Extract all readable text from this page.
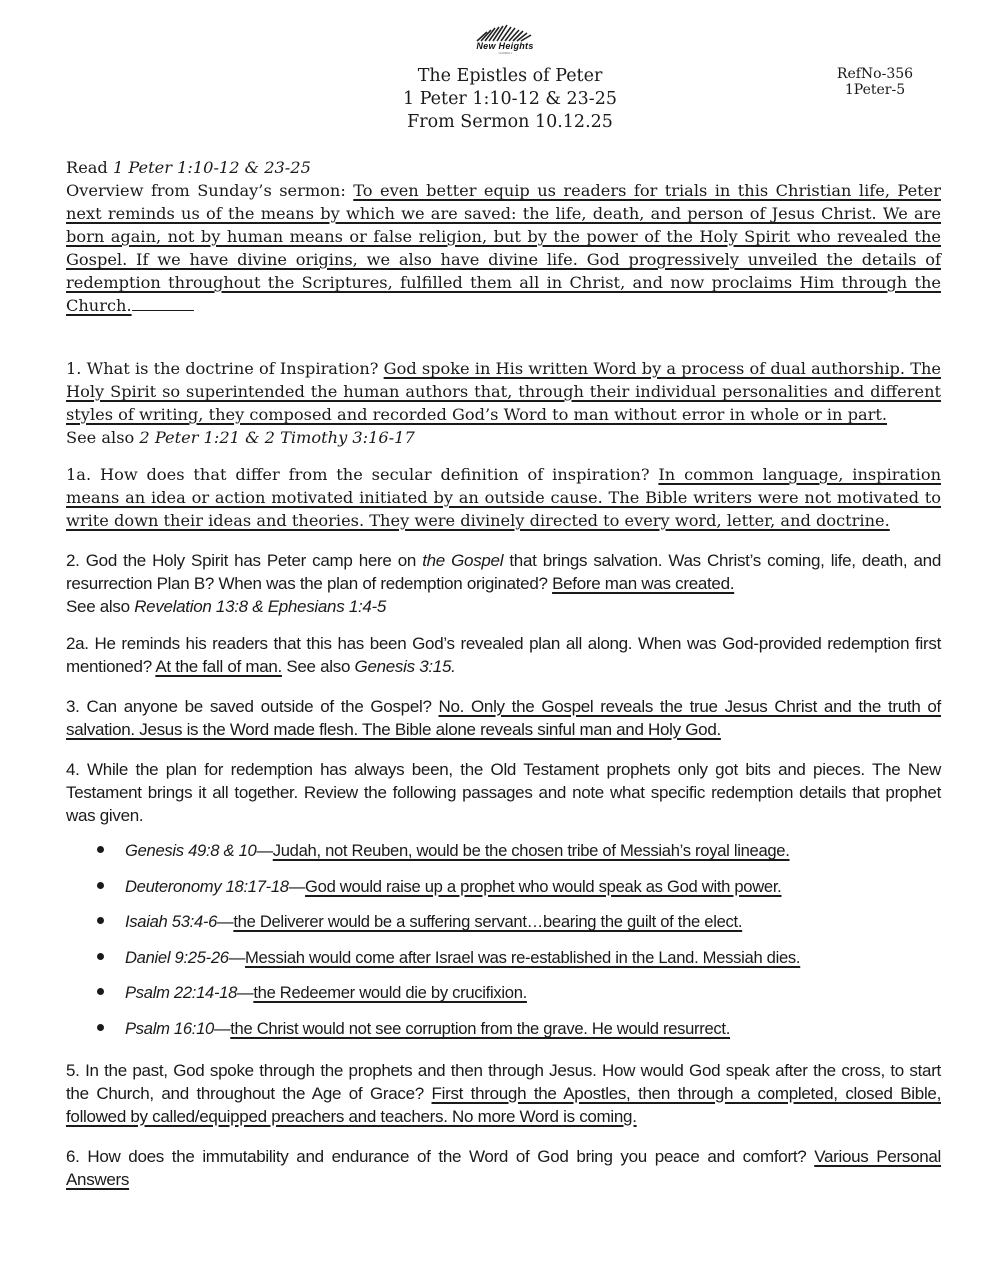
New Heights
CHURCH
The Epistles of Peter
1 Peter 1:10-12 & 23-25
From Sermon 10.12.25
RefNo-356
1Peter-5

Read 1 Peter 1:10-12 & 23-25

Overview from Sunday’s sermon: To even better equip us readers for trials in this Christian life, Peter next reminds us of the means by which we are saved: the life, death, and person of Jesus Christ. We are born again, not by human means or false religion, but by the power of the Holy Spirit who revealed the Gospel. If we have divine origins, we also have divine life. God progressively unveiled the details of redemption throughout the Scriptures, fulfilled them all in Christ, and now proclaims Him through the Church.

1. What is the doctrine of Inspiration? God spoke in His written Word by a process of dual authorship. The Holy Spirit so superintended the human authors that, through their individual personalities and different styles of writing, they composed and recorded God’s Word to man without error in whole or in part.
See also 2 Peter 1:21 & 2 Timothy 3:16-17

1a. How does that differ from the secular definition of inspiration? In common language, inspiration means an idea or action motivated initiated by an outside cause. The Bible writers were not motivated to write down their ideas and theories. They were divinely directed to every word, letter, and doctrine.

2. God the Holy Spirit has Peter camp here on the Gospel that brings salvation. Was Christ’s coming, life, death, and resurrection Plan B? When was the plan of redemption originated? Before man was created.
See also Revelation 13:8 & Ephesians 1:4-5

2a. He reminds his readers that this has been God’s revealed plan all along. When was God-provided redemption first mentioned? At the fall of man. See also Genesis 3:15.

3. Can anyone be saved outside of the Gospel? No. Only the Gospel reveals the true Jesus Christ and the truth of salvation. Jesus is the Word made flesh. The Bible alone reveals sinful man and Holy God.

4. While the plan for redemption has always been, the Old Testament prophets only got bits and pieces. The New Testament brings it all together. Review the following passages and note what specific redemption details that prophet was given.

Genesis 49:8 & 10—Judah, not Reuben, would be the chosen tribe of Messiah’s royal lineage.
Deuteronomy 18:17-18—God would raise up a prophet who would speak as God with power.
Isaiah 53:4-6—the Deliverer would be a suffering servant…bearing the guilt of the elect.
Daniel 9:25-26—Messiah would come after Israel was re-established in the Land. Messiah dies.
Psalm 22:14-18—the Redeemer would die by crucifixion.
Psalm 16:10—the Christ would not see corruption from the grave. He would resurrect.

5. In the past, God spoke through the prophets and then through Jesus. How would God speak after the cross, to start the Church, and throughout the Age of Grace? First through the Apostles, then through a completed, closed Bible, followed by called/equipped preachers and teachers. No more Word is coming.

6. How does the immutability and endurance of the Word of God bring you peace and comfort? Various Personal Answers
